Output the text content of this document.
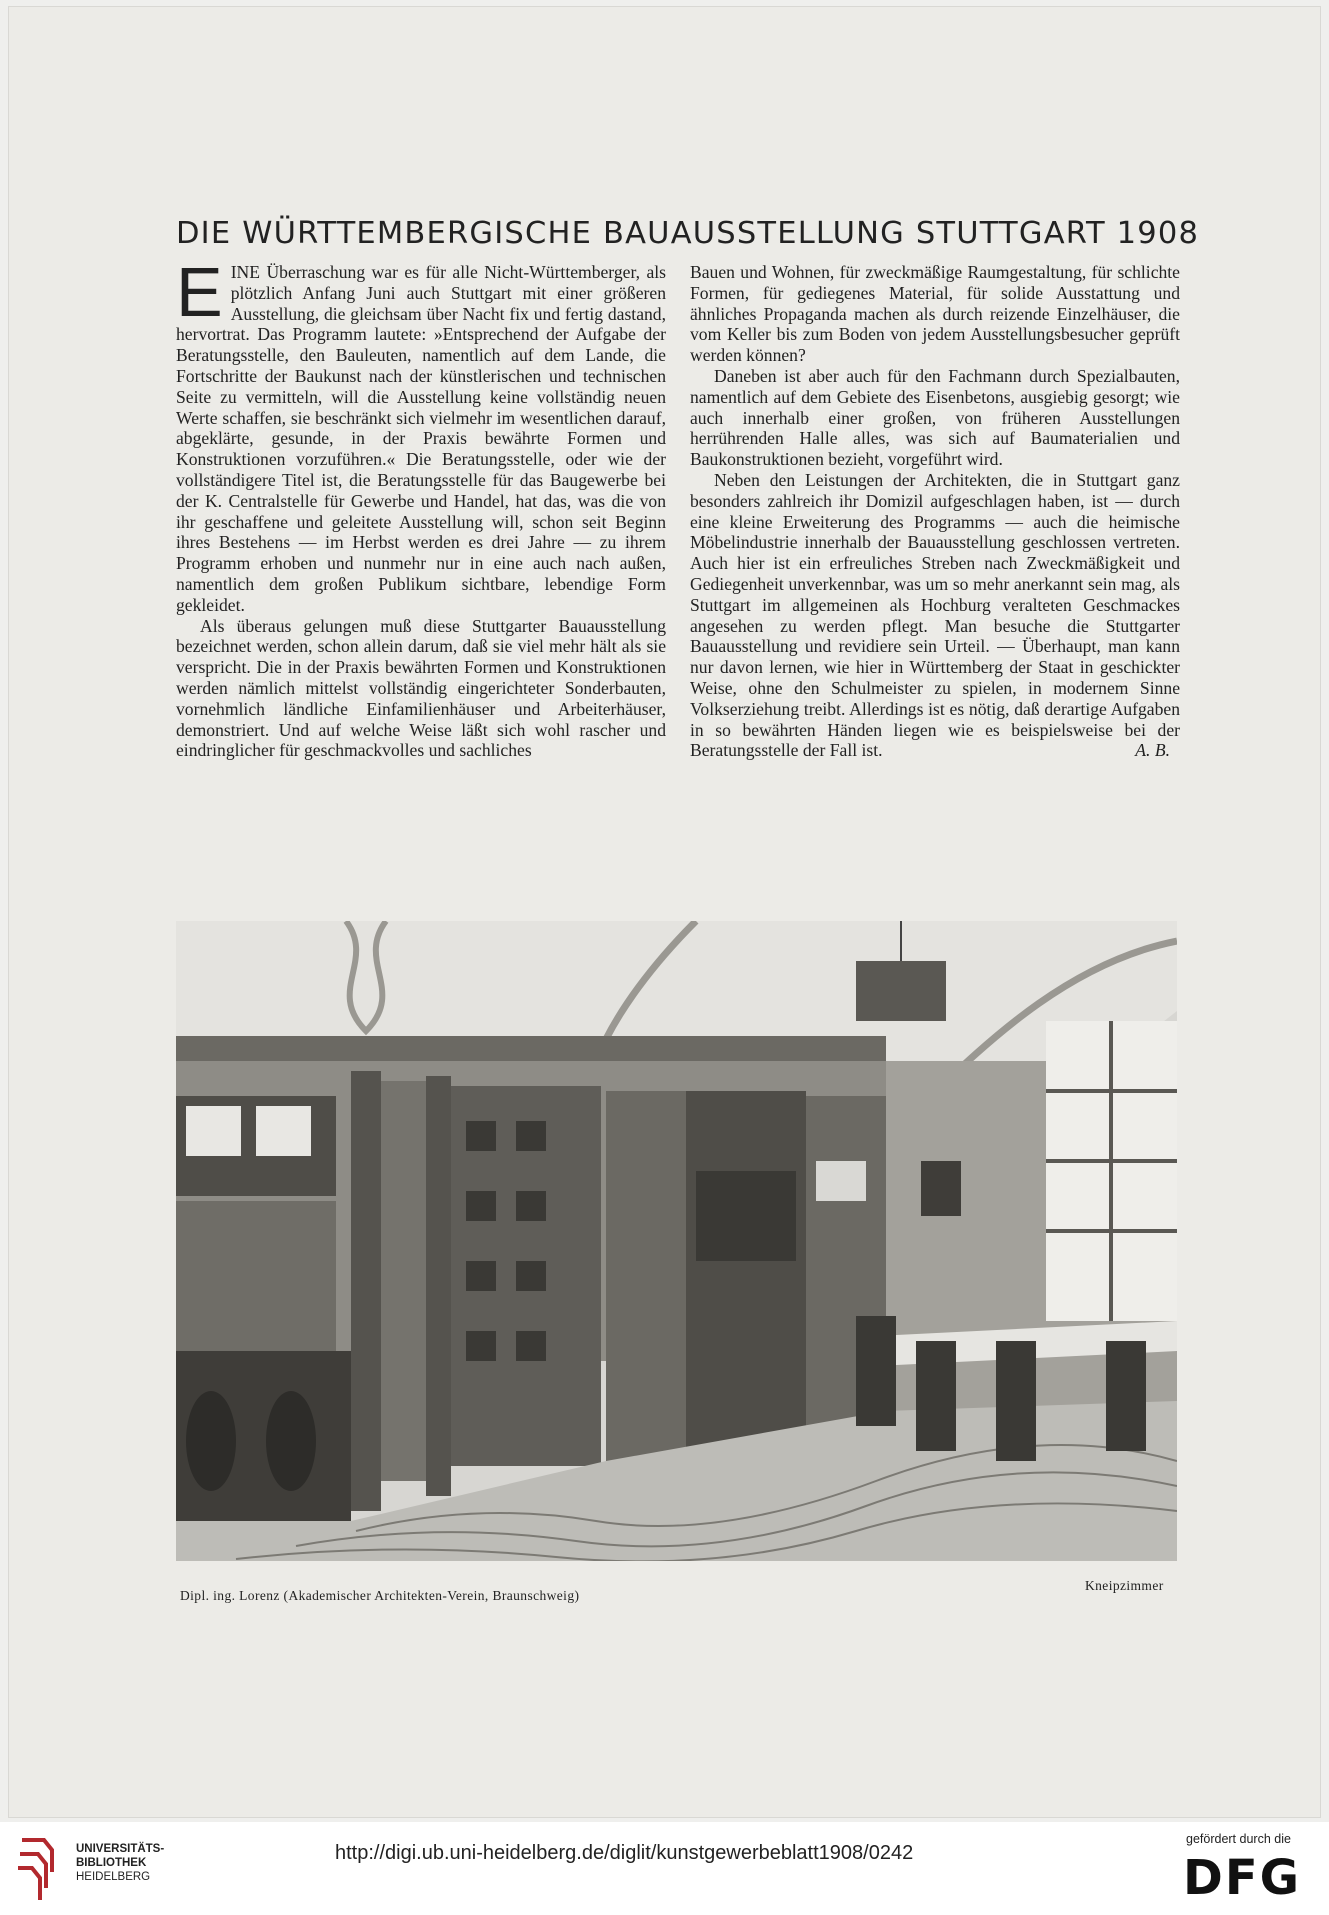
DIE WÜRTTEMBERGISCHE BAUAUSSTELLUNG STUTTGART 1908

EINE Überraschung war es für alle Nicht-Württemberger, als plötzlich Anfang Juni auch Stuttgart mit einer größeren Ausstellung, die gleichsam über Nacht fix und fertig dastand, hervortrat. Das Programm lautete: »Entsprechend der Aufgabe der Beratungsstelle, den Bauleuten, namentlich auf dem Lande, die Fortschritte der Baukunst nach der künstlerischen und technischen Seite zu vermitteln, will die Ausstellung keine vollständig neuen Werte schaffen, sie beschränkt sich vielmehr im wesentlichen darauf, abgeklärte, gesunde, in der Praxis bewährte Formen und Konstruktionen vorzuführen.« Die Beratungsstelle, oder wie der vollständigere Titel ist, die Beratungsstelle für das Baugewerbe bei der K. Centralstelle für Gewerbe und Handel, hat das, was die von ihr geschaffene und geleitete Ausstellung will, schon seit Beginn ihres Bestehens — im Herbst werden es drei Jahre — zu ihrem Programm erhoben und nunmehr nur in eine auch nach außen, namentlich dem großen Publikum sichtbare, lebendige Form gekleidet.

Als überaus gelungen muß diese Stuttgarter Bauausstellung bezeichnet werden, schon allein darum, daß sie viel mehr hält als sie verspricht. Die in der Praxis bewährten Formen und Konstruktionen werden nämlich mittelst vollständig eingerichteter Sonderbauten, vornehmlich ländliche Einfamilienhäuser und Arbeiterhäuser, demonstriert. Und auf welche Weise läßt sich wohl rascher und eindringlicher für geschmackvolles und sachliches

Bauen und Wohnen, für zweckmäßige Raumgestaltung, für schlichte Formen, für gediegenes Material, für solide Ausstattung und ähnliches Propaganda machen als durch reizende Einzelhäuser, die vom Keller bis zum Boden von jedem Ausstellungsbesucher geprüft werden können?

Daneben ist aber auch für den Fachmann durch Spezialbauten, namentlich auf dem Gebiete des Eisenbetons, ausgiebig gesorgt; wie auch innerhalb einer großen, von früheren Ausstellungen herrührenden Halle alles, was sich auf Baumaterialien und Baukonstruktionen bezieht, vorgeführt wird.

Neben den Leistungen der Architekten, die in Stuttgart ganz besonders zahlreich ihr Domizil aufgeschlagen haben, ist — durch eine kleine Erweiterung des Programms — auch die heimische Möbelindustrie innerhalb der Bauausstellung geschlossen vertreten. Auch hier ist ein erfreuliches Streben nach Zweckmäßigkeit und Gediegenheit unverkennbar, was um so mehr anerkannt sein mag, als Stuttgart im allgemeinen als Hochburg veralteten Geschmackes angesehen zu werden pflegt. Man besuche die Stuttgarter Bauausstellung und revidiere sein Urteil. — Überhaupt, man kann nur davon lernen, wie hier in Württemberg der Staat in geschickter Weise, ohne den Schulmeister zu spielen, in modernem Sinne Volkserziehung treibt. Allerdings ist es nötig, daß derartige Aufgaben in so bewährten Händen liegen wie es beispielsweise bei der Beratungsstelle der Fall ist.	A. B.

Dipl. ing. Lorenz (Akademischer Architekten-Verein, Braunschweig)
Kneipzimmer
UNIVERSITÄTS-
BIBLIOTHEK
HEIDELBERG
http://digi.ub.uni-heidelberg.de/diglit/kunstgewerbeblatt1908/0242
gefördert durch die
DFG
